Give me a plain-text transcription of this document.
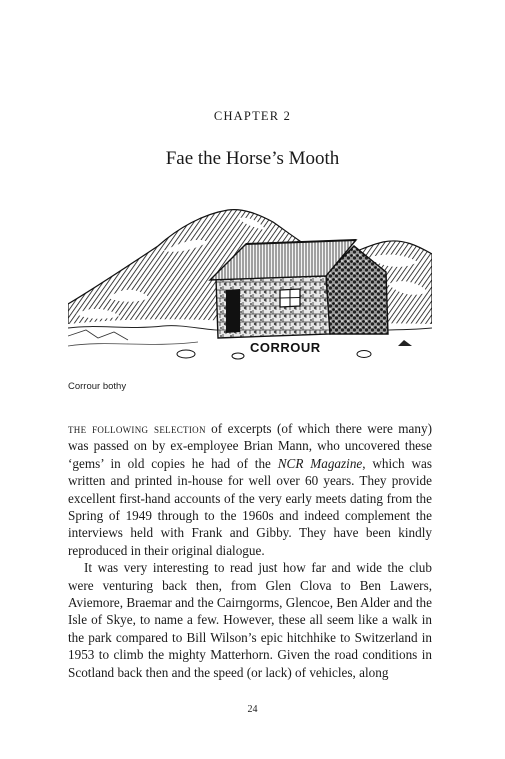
CHAPTER 2
Fae the Horse’s Mooth
CORROUR
Corrour bothy

the following selection of excerpts (of which there were many) was passed on by ex-employee Brian Mann, who uncovered these ‘gems’ in old copies he had of the NCR Magazine, which was written and printed in-house for well over 60 years. They provide excellent first-hand accounts of the very early meets dating from the Spring of 1949 through to the 1960s and indeed complement the interviews held with Frank and Gibby. They have been kindly reproduced in their original dialogue.

It was very interesting to read just how far and wide the club were venturing back then, from Glen Clova to Ben Lawers, Aviemore, Braemar and the Cairngorms, Glencoe, Ben Alder and the Isle of Skye, to name a few. However, these all seem like a walk in the park compared to Bill Wilson’s epic hitchhike to Switzerland in 1953 to climb the mighty Matterhorn. Given the road conditions in Scotland back then and the speed (or lack) of vehicles, along

24
